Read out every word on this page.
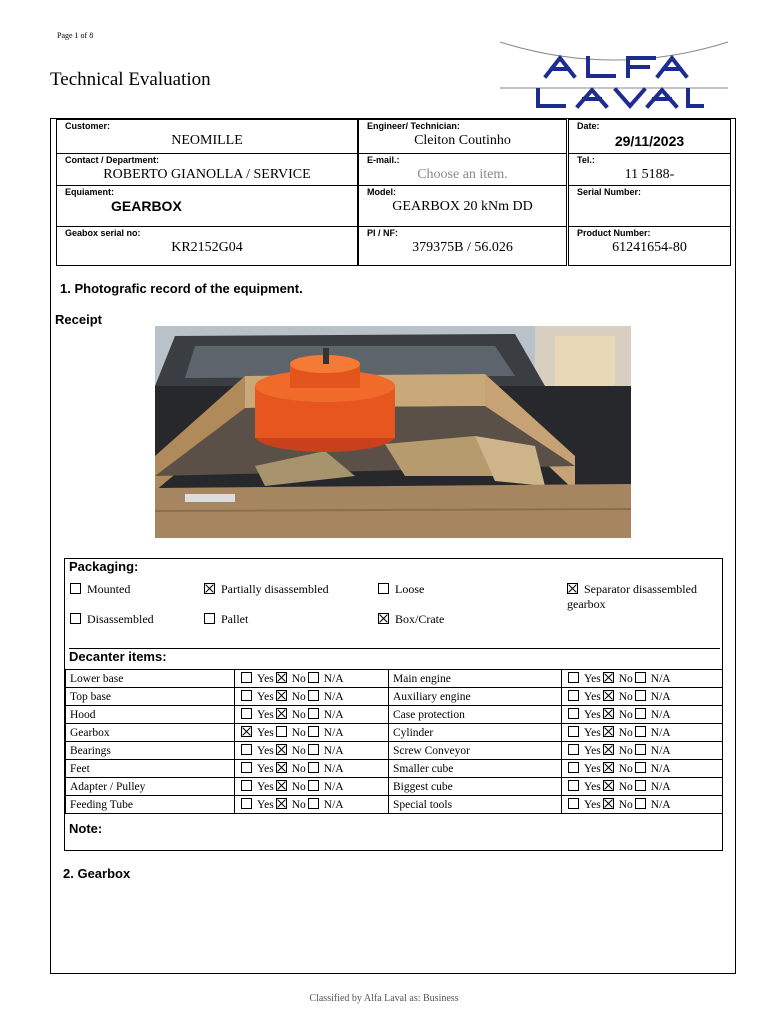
Page 1 of 8
Technical Evaluation
Customer:
NEOMILLE
Engineer/ Technician:
Cleiton Coutinho
Date:
29/11/2023
Contact / Department:
ROBERTO GIANOLLA / SERVICE
E-mail.:
Choose an item.
Tel.:
11 5188-
Equiament:
GEARBOX
Model:
GEARBOX 20 kNm DD
Serial Number:
Geabox serial no:
KR2152G04
PI / NF:
379375B / 56.026
Product Number:
61241654-80
1. Photografic record of the equipment.
Receipt
Packaging:
Mounted	Partially disassembled	Loose	Separator disassembled
gearbox
Disassembled	Pallet	Box/Crate
Decanter items:
Lower base	Yes No N/A	Main engine	Yes No N/A
Top base	Yes No N/A	Auxiliary engine	Yes No N/A
Hood	Yes No N/A	Case protection	Yes No N/A
Gearbox	Yes No N/A	Cylinder	Yes No N/A
Bearings	Yes No N/A	Screw Conveyor	Yes No N/A
Feet	Yes No N/A	Smaller cube	Yes No N/A
Adapter / Pulley	Yes No N/A	Biggest cube	Yes No N/A
Feeding Tube	Yes No N/A	Special tools	Yes No N/A
Note:
2. Gearbox
Classified by Alfa Laval as: Business
